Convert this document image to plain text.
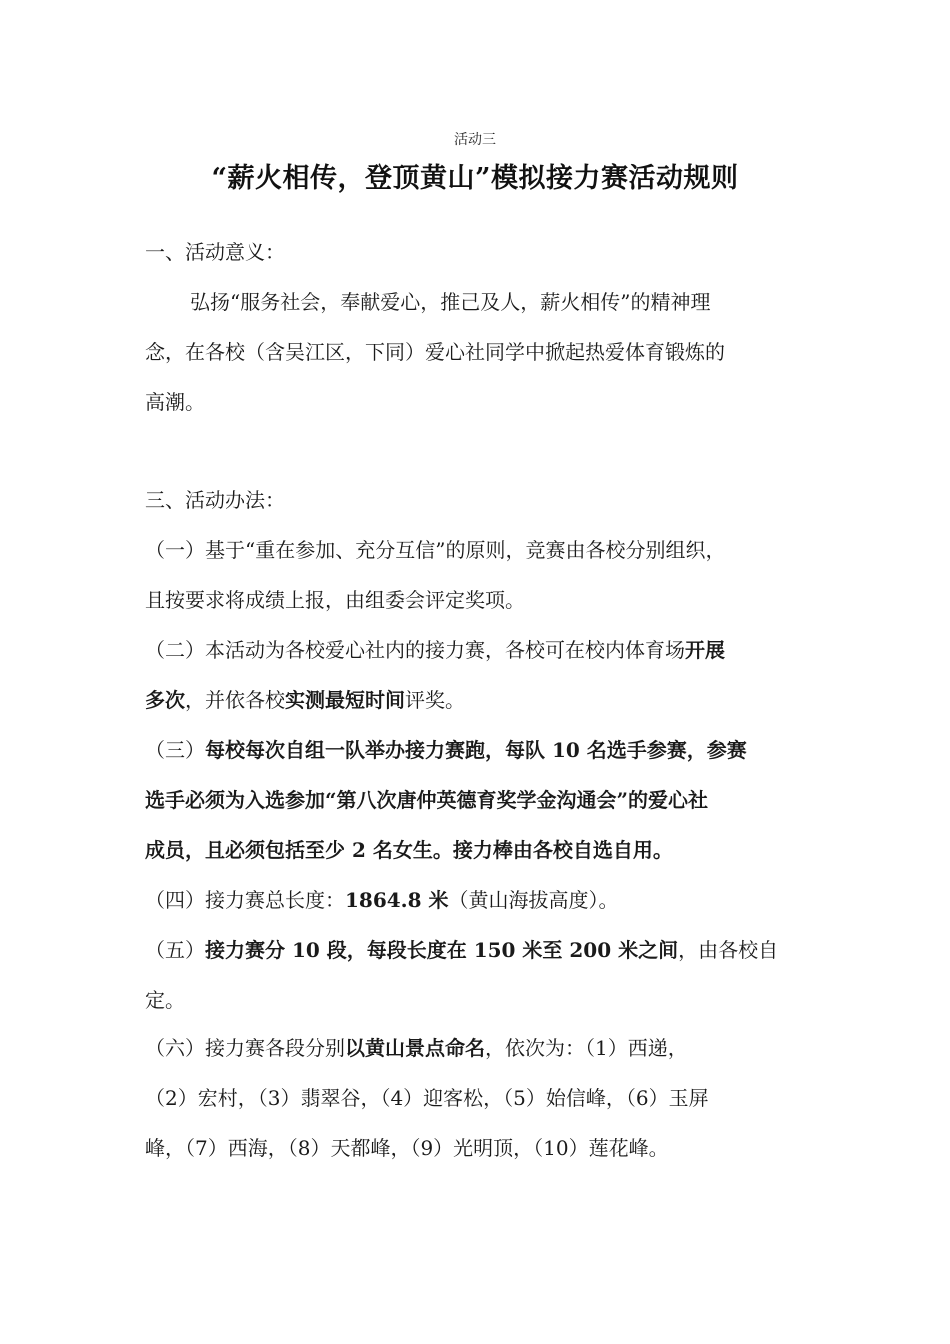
活动三
“薪火相传，登顶黄山”模拟接力赛活动规则
一、活动意义：
弘扬“服务社会，奉献爱心，推己及人，薪火相传”的精神理
念，在各校（含吴江区，下同）爱心社同学中掀起热爱体育锻炼的
高潮。
三、活动办法：
（一）基于“重在参加、充分互信”的原则，竞赛由各校分别组织，
且按要求将成绩上报，由组委会评定奖项。
（二）本活动为各校爱心社内的接力赛，各校可在校内体育场开展
多次，并依各校实测最短时间评奖。
（三）每校每次自组一队举办接力赛跑，每队 10 名选手参赛，参赛
选手必须为入选参加“第八次唐仲英德育奖学金沟通会”的爱心社
成员，且必须包括至少 2 名女生。接力棒由各校自选自用。
（四）接力赛总长度：1864.8 米（黄山海拔高度）。
（五）接力赛分 10 段，每段长度在 150 米至 200 米之间，由各校自
定。
（六）接力赛各段分别以黄山景点命名，依次为：（1）西递，
（2）宏村，（3）翡翠谷，（4）迎客松，（5）始信峰，（6）玉屏
峰，（7）西海，（8）天都峰，（9）光明顶，（10）莲花峰。
